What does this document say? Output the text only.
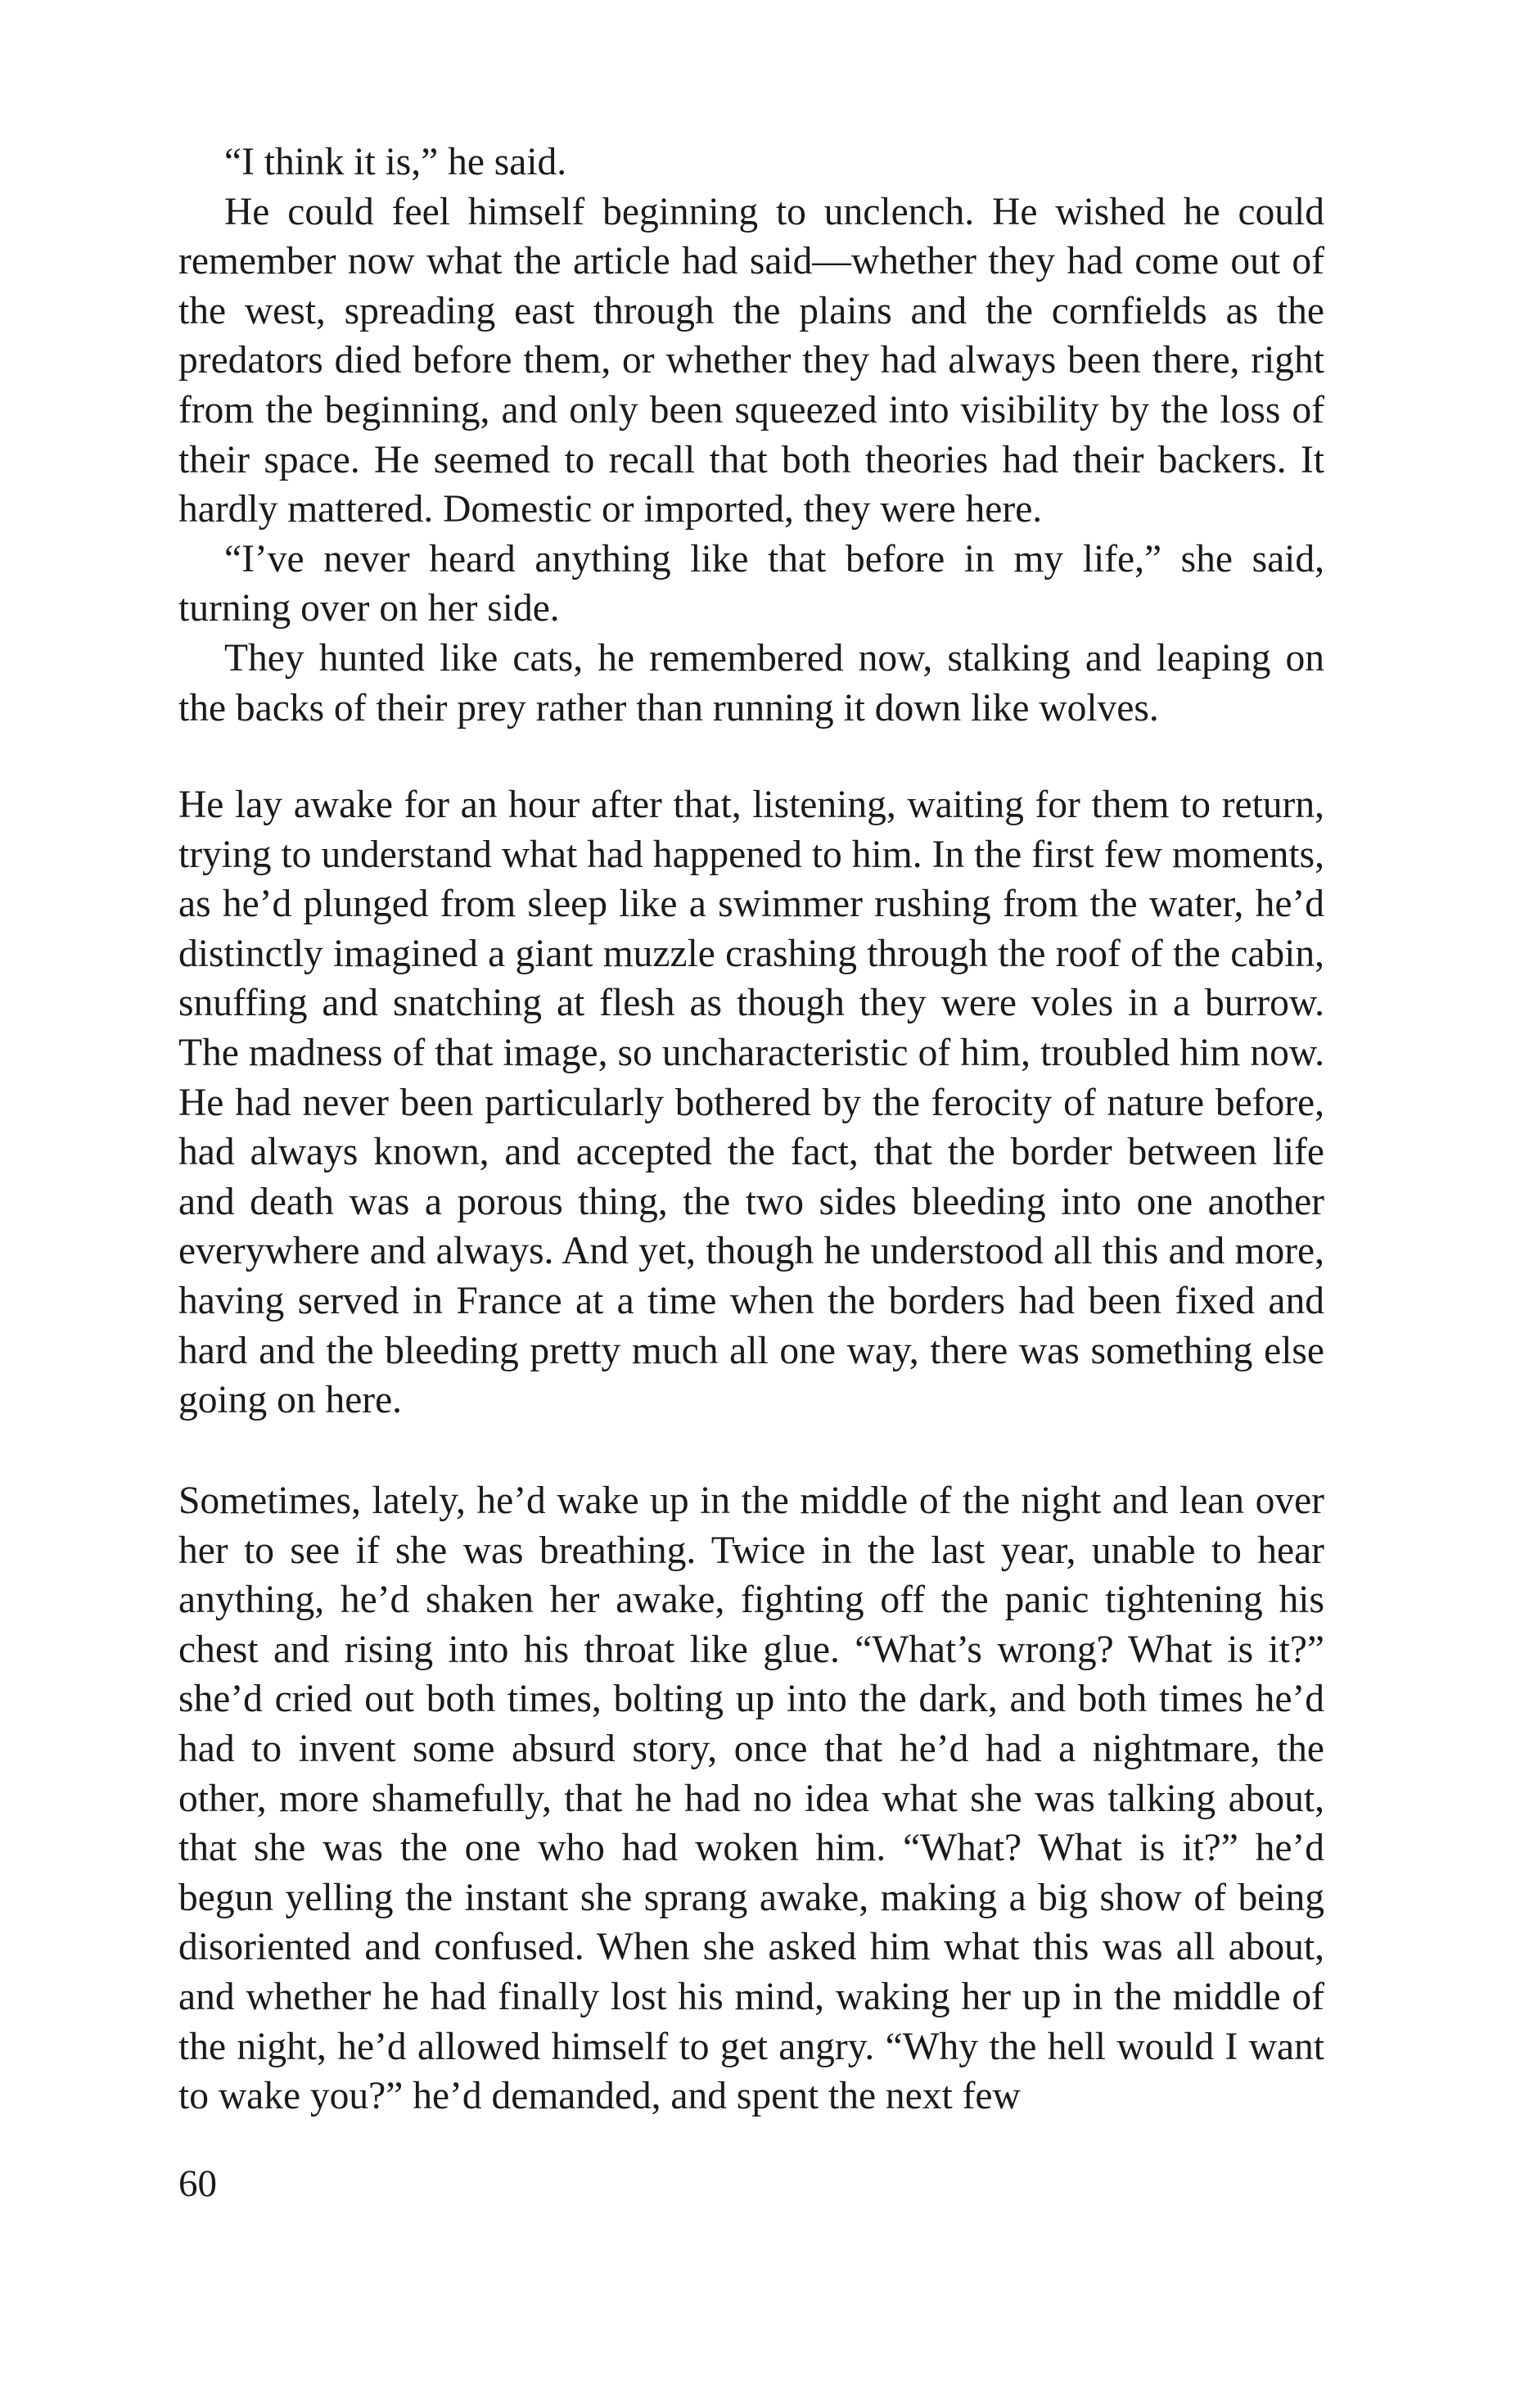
“I think it is,” he said.

He could feel himself beginning to unclench. He wished he could remember now what the article had said—whether they had come out of the west, spreading east through the plains and the cornfields as the predators died before them, or whether they had always been there, right from the beginning, and only been squeezed into visibility by the loss of their space. He seemed to recall that both theories had their backers. It hardly mattered. Domestic or imported, they were here.

“I’ve never heard anything like that before in my life,” she said, turning over on her side.

They hunted like cats, he remembered now, stalking and leaping on the backs of their prey rather than running it down like wolves.

He lay awake for an hour after that, listening, waiting for them to return, trying to understand what had happened to him. In the first few moments, as he’d plunged from sleep like a swimmer rushing from the water, he’d distinctly imagined a giant muzzle crashing through the roof of the cabin, snuffing and snatching at flesh as though they were voles in a burrow. The madness of that image, so uncharacteristic of him, troubled him now. He had never been particularly bothered by the ferocity of nature before, had always known, and accepted the fact, that the border between life and death was a porous thing, the two sides bleeding into one another everywhere and always. And yet, though he understood all this and more, having served in France at a time when the borders had been fixed and hard and the bleeding pretty much all one way, there was something else going on here.

Sometimes, lately, he’d wake up in the middle of the night and lean over her to see if she was breathing. Twice in the last year, unable to hear anything, he’d shaken her awake, fighting off the panic tightening his chest and rising into his throat like glue. “What’s wrong? What is it?” she’d cried out both times, bolting up into the dark, and both times he’d had to invent some absurd story, once that he’d had a nightmare, the other, more shamefully, that he had no idea what she was talking about, that she was the one who had woken him. “What? What is it?” he’d begun yelling the instant she sprang awake, making a big show of being disoriented and confused. When she asked him what this was all about, and whether he had finally lost his mind, waking her up in the middle of the night, he’d allowed himself to get angry. “Why the hell would I want to wake you?” he’d demanded, and spent the next few

60
